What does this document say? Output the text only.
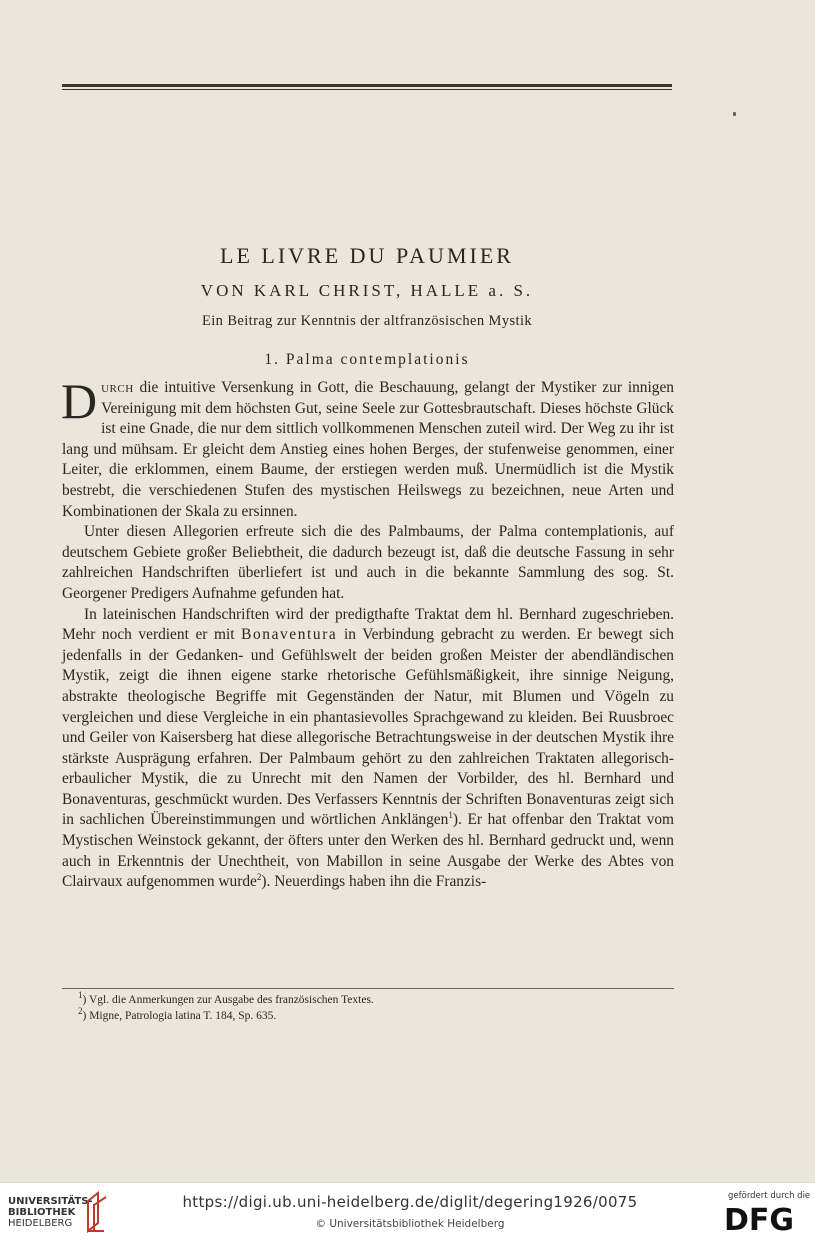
LE LIVRE DU PAUMIER
VON KARL CHRIST, HALLE a. S.
Ein Beitrag zur Kenntnis der altfranzösischen Mystik
1. Palma contemplationis

Durch die intuitive Versenkung in Gott, die Beschauung, gelangt der Mystiker zur innigen Vereinigung mit dem höchsten Gut, seine Seele zur Gottesbrautschaft. Dieses höchste Glück ist eine Gnade, die nur dem sittlich vollkommenen Menschen zuteil wird. Der Weg zu ihr ist lang und mühsam. Er gleicht dem Anstieg eines hohen Berges, der stufenweise genommen, einer Leiter, die erklommen, einem Baume, der erstiegen werden muß. Unermüdlich ist die Mystik bestrebt, die verschiedenen Stufen des mystischen Heilswegs zu bezeichnen, neue Arten und Kombinationen der Skala zu ersinnen.

Unter diesen Allegorien erfreute sich die des Palmbaums, der Palma contemplationis, auf deutschem Gebiete großer Beliebtheit, die dadurch bezeugt ist, daß die deutsche Fassung in sehr zahlreichen Handschriften überliefert ist und auch in die bekannte Sammlung des sog. St. Georgener Predigers Aufnahme gefunden hat.

In lateinischen Handschriften wird der predigthafte Traktat dem hl. Bernhard zugeschrieben. Mehr noch verdient er mit Bonaventura in Verbindung gebracht zu werden. Er bewegt sich jedenfalls in der Gedanken- und Gefühlswelt der beiden großen Meister der abendländischen Mystik, zeigt die ihnen eigene starke rhetorische Gefühlsmäßigkeit, ihre sinnige Neigung, abstrakte theologische Begriffe mit Gegenständen der Natur, mit Blumen und Vögeln zu vergleichen und diese Vergleiche in ein phantasievolles Sprachgewand zu kleiden. Bei Ruusbroec und Geiler von Kaisersberg hat diese allegorische Betrachtungsweise in der deutschen Mystik ihre stärkste Ausprägung erfahren. Der Palmbaum gehört zu den zahlreichen Traktaten allegorisch-erbaulicher Mystik, die zu Unrecht mit den Namen der Vorbilder, des hl. Bernhard und Bonaventuras, geschmückt wurden. Des Verfassers Kenntnis der Schriften Bonaventuras zeigt sich in sachlichen Übereinstimmungen und wörtlichen Anklängen$^1$). Er hat offenbar den Traktat vom Mystischen Weinstock gekannt, der öfters unter den Werken des hl. Bernhard gedruckt und, wenn auch in Erkenntnis der Unechtheit, von Mabillon in seine Ausgabe der Werke des Abtes von Clairvaux aufgenommen wurde$^2$). Neuerdings haben ihn die Franzis-

$^1$) Vgl. die Anmerkungen zur Ausgabe des französischen Textes.

$^2$) Migne, Patrologia latina T. 184, Sp. 635.

UNIVERSITÄTS-
BIBLIOTHEK
HEIDELBERG
https://digi.ub.uni-heidelberg.de/diglit/degering1926/0075
© Universitätsbibliothek Heidelberg
gefördert durch die
DFG
